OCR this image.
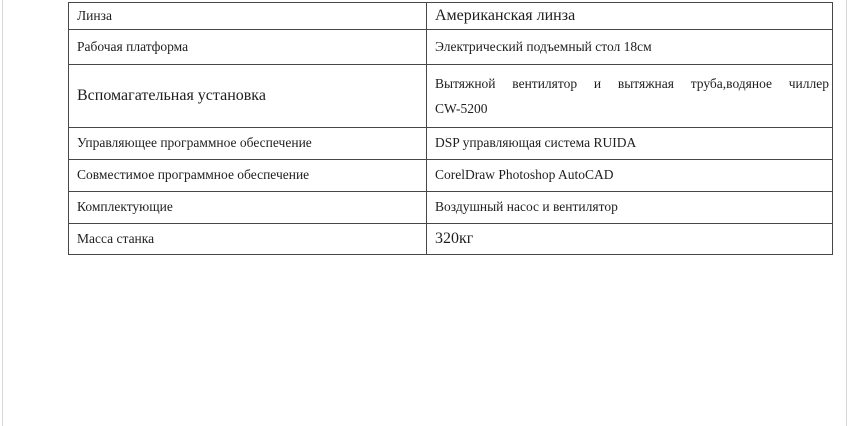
Линза	Американская линза
Рабочая платформа	Электрический подъемный стол 18см
Вспомагательная установка	Вытяжной вентилятор и вытяжная труба,водяное чиллер
CW-5200

Управляющее программное обеспечение	DSP управляющая система RUIDA
Совместимое программное обеспечение	CorelDraw Photoshop AutoCAD
Комплектующие	Воздушный насос и вентилятор
Масса станка	320кг
